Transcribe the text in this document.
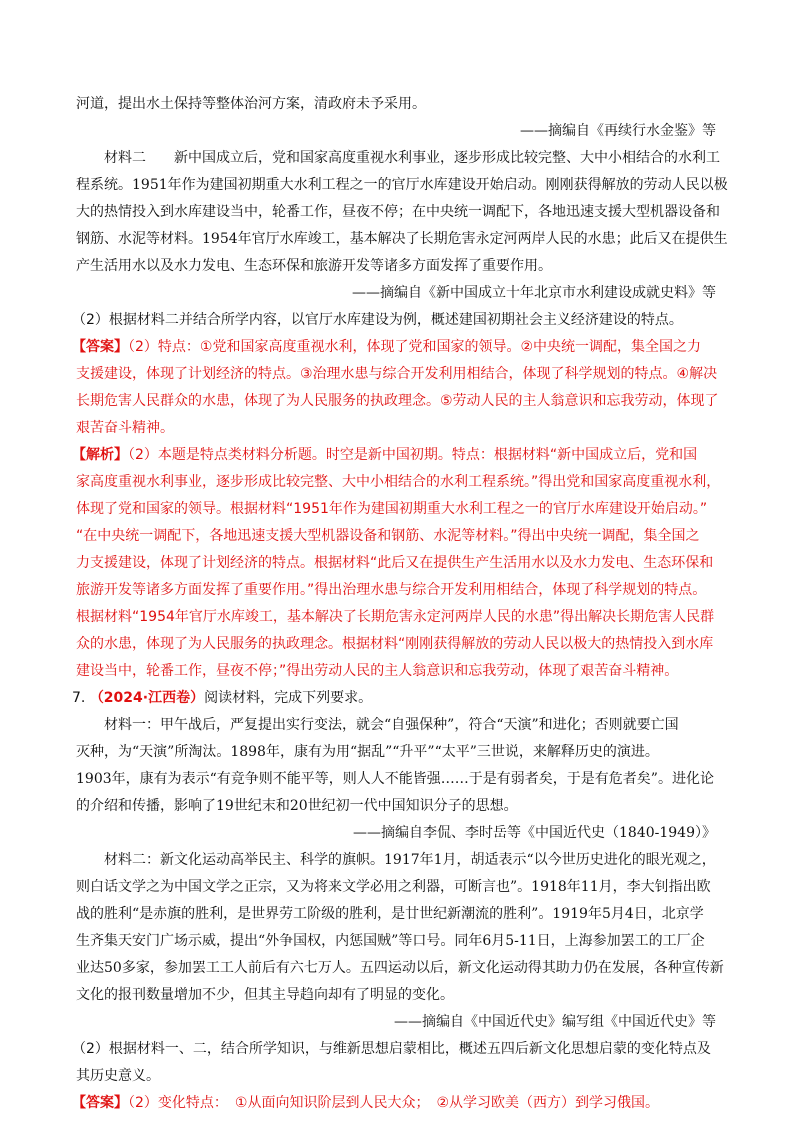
河道，提出水土保持等整体治河方案，清政府未予采用。
——摘编自《再续行水金鉴》等
材料二　　新中国成立后，党和国家高度重视水利事业，逐步形成比较完整、大中小相结合的水利工
程系统。1951年作为建国初期重大水利工程之一的官厅水库建设开始启动。刚刚获得解放的劳动人民以极
大的热情投入到水库建设当中，轮番工作，昼夜不停；在中央统一调配下，各地迅速支援大型机器设备和
钢筋、水泥等材料。1954年官厅水库竣工，基本解决了长期危害永定河两岸人民的水患；此后又在提供生
产生活用水以及水力发电、生态环保和旅游开发等诸多方面发挥了重要作用。
——摘编自《新中国成立十年北京市水利建设成就史料》等
（2）根据材料二并结合所学内容，以官厅水库建设为例，概述建国初期社会主义经济建设的特点。
【答案】（2）特点：①党和国家高度重视水利，体现了党和国家的领导。②中央统一调配，集全国之力
支援建设，体现了计划经济的特点。③治理水患与综合开发利用相结合，体现了科学规划的特点。④解决
长期危害人民群众的水患，体现了为人民服务的执政理念。⑤劳动人民的主人翁意识和忘我劳动，体现了
艰苦奋斗精神。
【解析】（2）本题是特点类材料分析题。时空是新中国初期。特点：根据材料“新中国成立后，党和国
家高度重视水利事业，逐步形成比较完整、大中小相结合的水利工程系统。”得出党和国家高度重视水利，
体现了党和国家的领导。根据材料“1951年作为建国初期重大水利工程之一的官厅水库建设开始启动。”
“在中央统一调配下，各地迅速支援大型机器设备和钢筋、水泥等材料。”得出中央统一调配，集全国之
力支援建设，体现了计划经济的特点。根据材料“此后又在提供生产生活用水以及水力发电、生态环保和
旅游开发等诸多方面发挥了重要作用。”得出治理水患与综合开发利用相结合，体现了科学规划的特点。
根据材料“1954年官厅水库竣工，基本解决了长期危害永定河两岸人民的水患”得出解决长期危害人民群
众的水患，体现了为人民服务的执政理念。根据材料“刚刚获得解放的劳动人民以极大的热情投入到水库
建设当中，轮番工作，昼夜不停；”得出劳动人民的主人翁意识和忘我劳动，体现了艰苦奋斗精神。
7. （2024·江西卷）阅读材料，完成下列要求。
材料一：甲午战后，严复提出实行变法，就会“自强保种”，符合“天演”和进化；否则就要亡国
灭种，为“天演”所淘汰。1898年，康有为用“据乱”“升平”“太平”三世说，来解释历史的演进。
1903年，康有为表示“有竞争则不能平等，则人人不能皆强……于是有弱者矣，于是有危者矣”。进化论
的介绍和传播，影响了19世纪末和20世纪初一代中国知识分子的思想。
——摘编自李侃、李时岳等《中国近代史（1840-1949）》
材料二：新文化运动高举民主、科学的旗帜。1917年1月，胡适表示“以今世历史进化的眼光观之，
则白话文学之为中国文学之正宗，又为将来文学必用之利器，可断言也”。1918年11月，李大钊指出欧
战的胜利“是赤旗的胜利，是世界劳工阶级的胜利，是廿世纪新潮流的胜利”。1919年5月4日，北京学
生齐集天安门广场示威，提出“外争国权，内惩国贼”等口号。同年6月5-11日，上海参加罢工的工厂企
业达50多家，参加罢工工人前后有六七万人。五四运动以后，新文化运动得其助力仍在发展，各种宣传新
文化的报刊数量增加不少，但其主导趋向却有了明显的变化。
——摘编自《中国近代史》编写组《中国近代史》等
（2）根据材料一、二，结合所学知识，与维新思想启蒙相比，概述五四后新文化思想启蒙的变化特点及
其历史意义。
【答案】（2）变化特点：　①从面向知识阶层到人民大众；　②从学习欧美（西方）到学习俄国。
